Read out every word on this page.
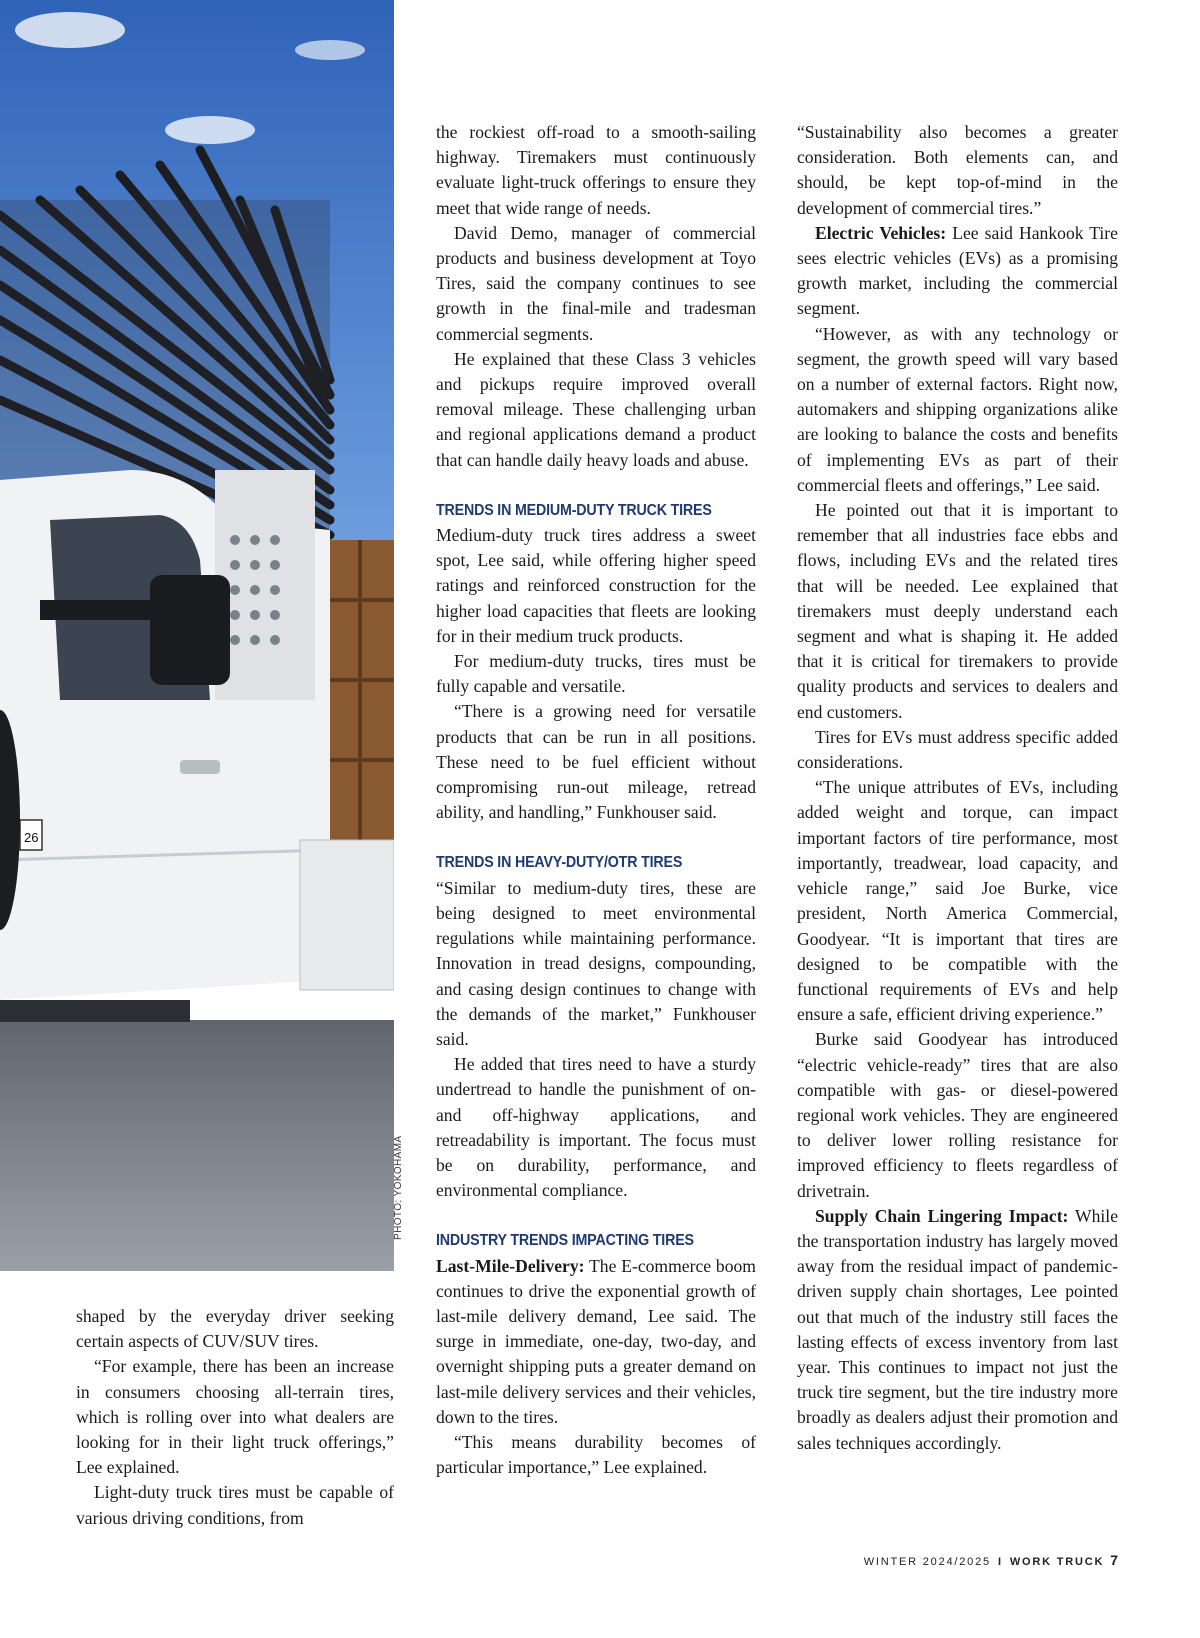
26
PHOTO: YOKOHAMA

shaped by the everyday driver seeking certain aspects of CUV/SUV tires.

“For example, there has been an increase in consumers choosing all-terrain tires, which is rolling over into what dealers are looking for in their light truck offerings,” Lee explained.

Light-duty truck tires must be capable of various driving conditions, from

the rockiest off-road to a smooth-sailing highway. Tiremakers must continuously evaluate light-truck offerings to ensure they meet that wide range of needs.

David Demo, manager of commercial products and business development at Toyo Tires, said the company continues to see growth in the final-mile and tradesman commercial segments.

He explained that these Class 3 vehicles and pickups require improved overall removal mileage. These challenging urban and regional applications demand a product that can handle daily heavy loads and abuse.

TRENDS IN MEDIUM-DUTY TRUCK TIRES

Medium-duty truck tires address a sweet spot, Lee said, while offering higher speed ratings and reinforced construction for the higher load capacities that fleets are looking for in their medium truck products.

For medium-duty trucks, tires must be fully capable and versatile.

“There is a growing need for versatile products that can be run in all positions. These need to be fuel efficient without compromising run-out mileage, retread ability, and handling,” Funkhouser said.

TRENDS IN HEAVY-DUTY/OTR TIRES

“Similar to medium-duty tires, these are being designed to meet environmental regulations while maintaining performance. Innovation in tread designs, compounding, and casing design continues to change with the demands of the market,” Funkhouser said.

He added that tires need to have a sturdy undertread to handle the punishment of on- and off-highway applications, and retreadability is important. The focus must be on durability, performance, and environmental compliance.

INDUSTRY TRENDS IMPACTING TIRES

Last-Mile-Delivery: The E-commerce boom continues to drive the exponential growth of last-mile delivery demand, Lee said. The surge in immediate, one-day, two-day, and overnight shipping puts a greater demand on last-mile delivery services and their vehicles, down to the tires.

“This means durability becomes of particular importance,” Lee explained.

“Sustainability also becomes a greater consideration. Both elements can, and should, be kept top-of-mind in the development of commercial tires.”

Electric Vehicles: Lee said Hankook Tire sees electric vehicles (EVs) as a promising growth market, including the commercial segment.

“However, as with any technology or segment, the growth speed will vary based on a number of external factors. Right now, automakers and shipping organizations alike are looking to balance the costs and benefits of implementing EVs as part of their commercial fleets and offerings,” Lee said.

He pointed out that it is important to remember that all industries face ebbs and flows, including EVs and the related tires that will be needed. Lee explained that tiremakers must deeply understand each segment and what is shaping it. He added that it is critical for tiremakers to provide quality products and services to dealers and end customers.

Tires for EVs must address specific added considerations.

“The unique attributes of EVs, including added weight and torque, can impact important factors of tire performance, most importantly, treadwear, load capacity, and vehicle range,” said Joe Burke, vice president, North America Commercial, Goodyear. “It is important that tires are designed to be compatible with the functional requirements of EVs and help ensure a safe, efficient driving experience.”

Burke said Goodyear has introduced “electric vehicle-ready” tires that are also compatible with gas- or diesel-powered regional work vehicles. They are engineered to deliver lower rolling resistance for improved efficiency to fleets regardless of drivetrain.

Supply Chain Lingering Impact: While the transportation industry has largely moved away from the residual impact of pandemic-driven supply chain shortages, Lee pointed out that much of the industry still faces the lasting effects of excess inventory from last year. This continues to impact not just the truck tire segment, but the tire industry more broadly as dealers adjust their promotion and sales techniques accordingly.

WINTER 2024/2025 I WORK TRUCK 7
